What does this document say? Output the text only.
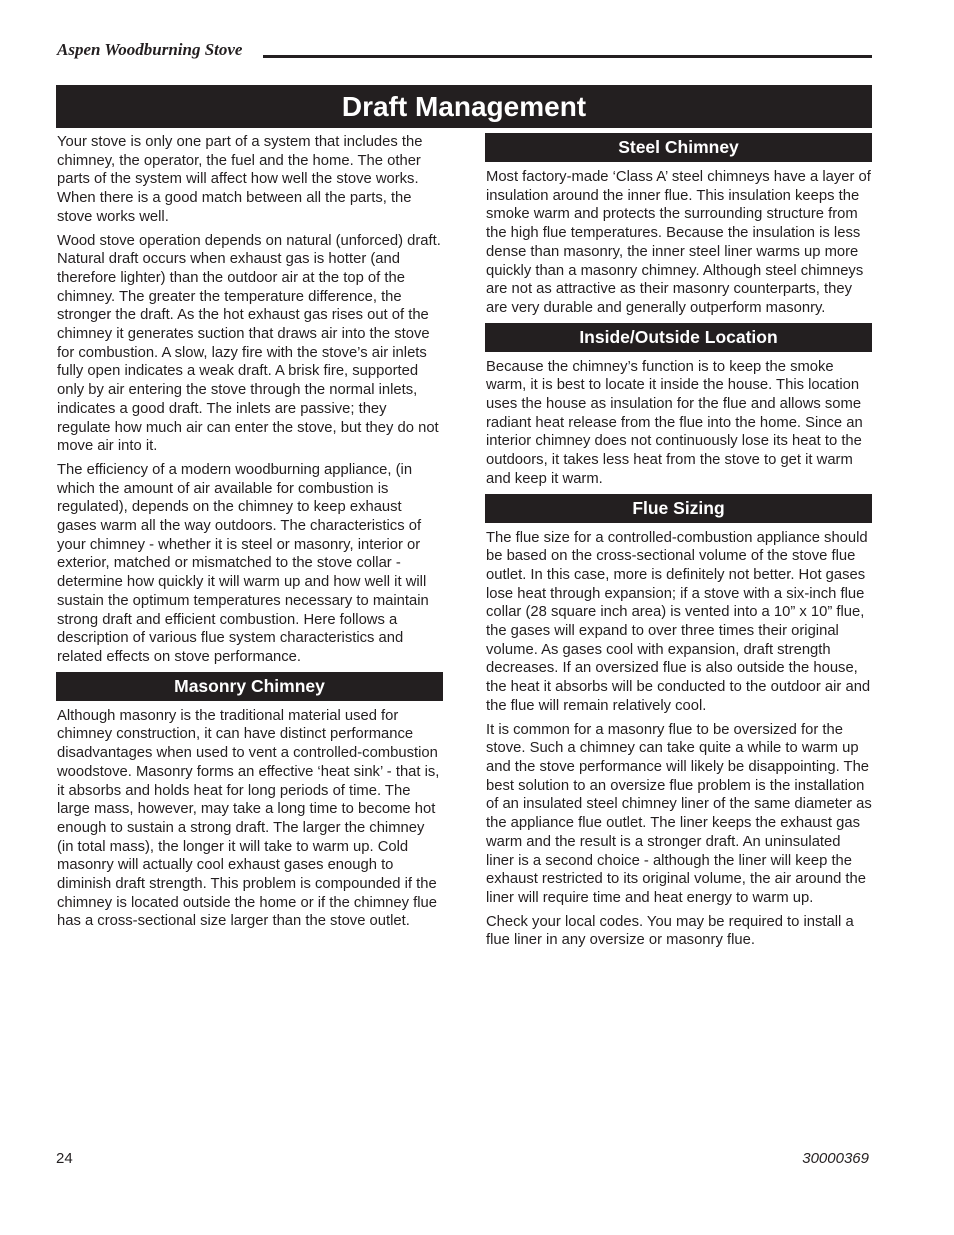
Aspen Woodburning Stove
Draft Management

Your stove is only one part of a system that includes the chimney, the operator, the fuel and the home. The other parts of the system will affect how well the stove works. When there is a good match between all the parts, the stove works well.

Wood stove operation depends on natural (unforced) draft. Natural draft occurs when exhaust gas is hotter (and therefore lighter) than the outdoor air at the top of the chimney. The greater the temperature difference, the stronger the draft. As the hot exhaust gas rises out of the chimney it generates suction that draws air into the stove for combustion. A slow, lazy fire with the stove’s air inlets fully open indicates a weak draft. A brisk fire, supported only by air entering the stove through the normal inlets, indicates a good draft. The inlets are passive; they regulate how much air can enter the stove, but they do not move air into it.

The efficiency of a modern woodburning appliance, (in which the amount of air available for combustion is regulated), depends on the chimney to keep exhaust gases warm all the way outdoors. The characteristics of your chimney - whether it is steel or masonry, interior or exterior, matched or mismatched to the stove collar - determine how quickly it will warm up and how well it will sustain the optimum temperatures necessary to maintain strong draft and efficient combustion. Here follows a description of various flue system characteristics and related effects on stove performance.

Masonry Chimney

Although masonry is the traditional material used for chimney construction, it can have distinct performance disadvantages when used to vent a controlled-combustion woodstove. Masonry forms an effective ‘heat sink’ - that is, it absorbs and holds heat for long periods of time. The large mass, however, may take a long time to become hot enough to sustain a strong draft. The larger the chimney (in total mass), the longer it will take to warm up. Cold masonry will actually cool exhaust gases enough to diminish draft strength. This problem is compounded if the chimney is located outside the home or if the chimney flue has a cross-sectional size larger than the stove outlet.

Steel Chimney

Most factory-made ‘Class A’ steel chimneys have a layer of insulation around the inner flue. This insulation keeps the smoke warm and protects the surrounding structure from the high flue temperatures. Because the insulation is less dense than masonry, the inner steel liner warms up more quickly than a masonry chimney. Although steel chimneys are not as attractive as their masonry counterparts, they are very durable and generally outperform masonry.

Inside/Outside Location

Because the chimney’s function is to keep the smoke warm, it is best to locate it inside the house. This location uses the house as insulation for the flue and allows some radiant heat release from the flue into the home. Since an interior chimney does not continuously lose its heat to the outdoors, it takes less heat from the stove to get it warm and keep it warm.

Flue Sizing

The flue size for a controlled-combustion appliance should be based on the cross-sectional volume of the stove flue outlet. In this case, more is definitely not better. Hot gases lose heat through expansion; if a stove with a six-inch flue collar (28 square inch area) is vented into a 10” x 10” flue, the gases will expand to over three times their original volume. As gases cool with expansion, draft strength decreases. If an oversized flue is also outside the house, the heat it absorbs will be conducted to the outdoor air and the flue will remain relatively cool.

It is common for a masonry flue to be oversized for the stove. Such a chimney can take quite a while to warm up and the stove performance will likely be disappointing. The best solution to an oversize flue problem is the installation of an insulated steel chimney liner of the same diameter as the appliance flue outlet. The liner keeps the exhaust gas warm and the result is a stronger draft. An uninsulated liner is a second choice - although the liner will keep the exhaust restricted to its original volume, the air around the liner will require time and heat energy to warm up.

Check your local codes. You may be required to install a flue liner in any oversize or masonry flue.

24	30000369
